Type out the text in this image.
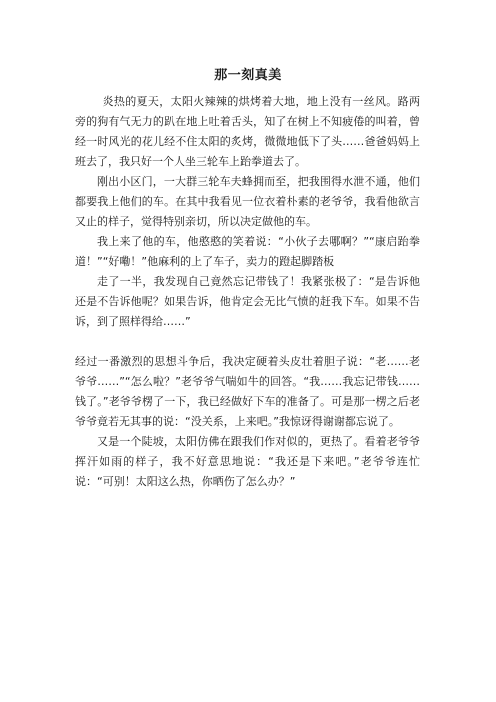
那一刻真美

炎热的夏天，太阳火辣辣的烘烤着大地，地上没有一丝风。路两旁的狗有气无力的趴在地上吐着舌头，知了在树上不知疲倦的叫着，曾经一时风光的花儿经不住太阳的炙烤，微微地低下了头……爸爸妈妈上班去了，我只好一个人坐三轮车上跆拳道去了。

刚出小区门，一大群三轮车夫蜂拥而至，把我围得水泄不通，他们都要我上他们的车。在其中我看见一位衣着朴素的老爷爷，我看他欲言又止的样子，觉得特别亲切，所以决定做他的车。

我上来了他的车，他憨憨的笑着说：“小伙子去哪啊？”“康启跆拳道！”“好嘞！”他麻利的上了车子，卖力的蹬起脚踏板

走了一半，我发现自己竟然忘记带钱了！我紧张极了：“是告诉他还是不告诉他呢？如果告诉，他肯定会无比气愤的赶我下车。如果不告诉，到了照样得给……”

经过一番激烈的思想斗争后，我决定硬着头皮壮着胆子说：“老……老爷爷……”“怎么啦？”老爷爷气喘如牛的回答。“我……我忘记带钱……钱了。”老爷爷楞了一下，我已经做好下车的准备了。可是那一楞之后老爷爷竟若无其事的说：“没关系，上来吧。”我惊讶得谢谢都忘说了。

又是一个陡坡，太阳仿佛在跟我们作对似的，更热了。看着老爷爷挥汗如雨的样子，我不好意思地说：“我还是下来吧。”老爷爷连忙说：“可别！太阳这么热，你晒伤了怎么办？”
